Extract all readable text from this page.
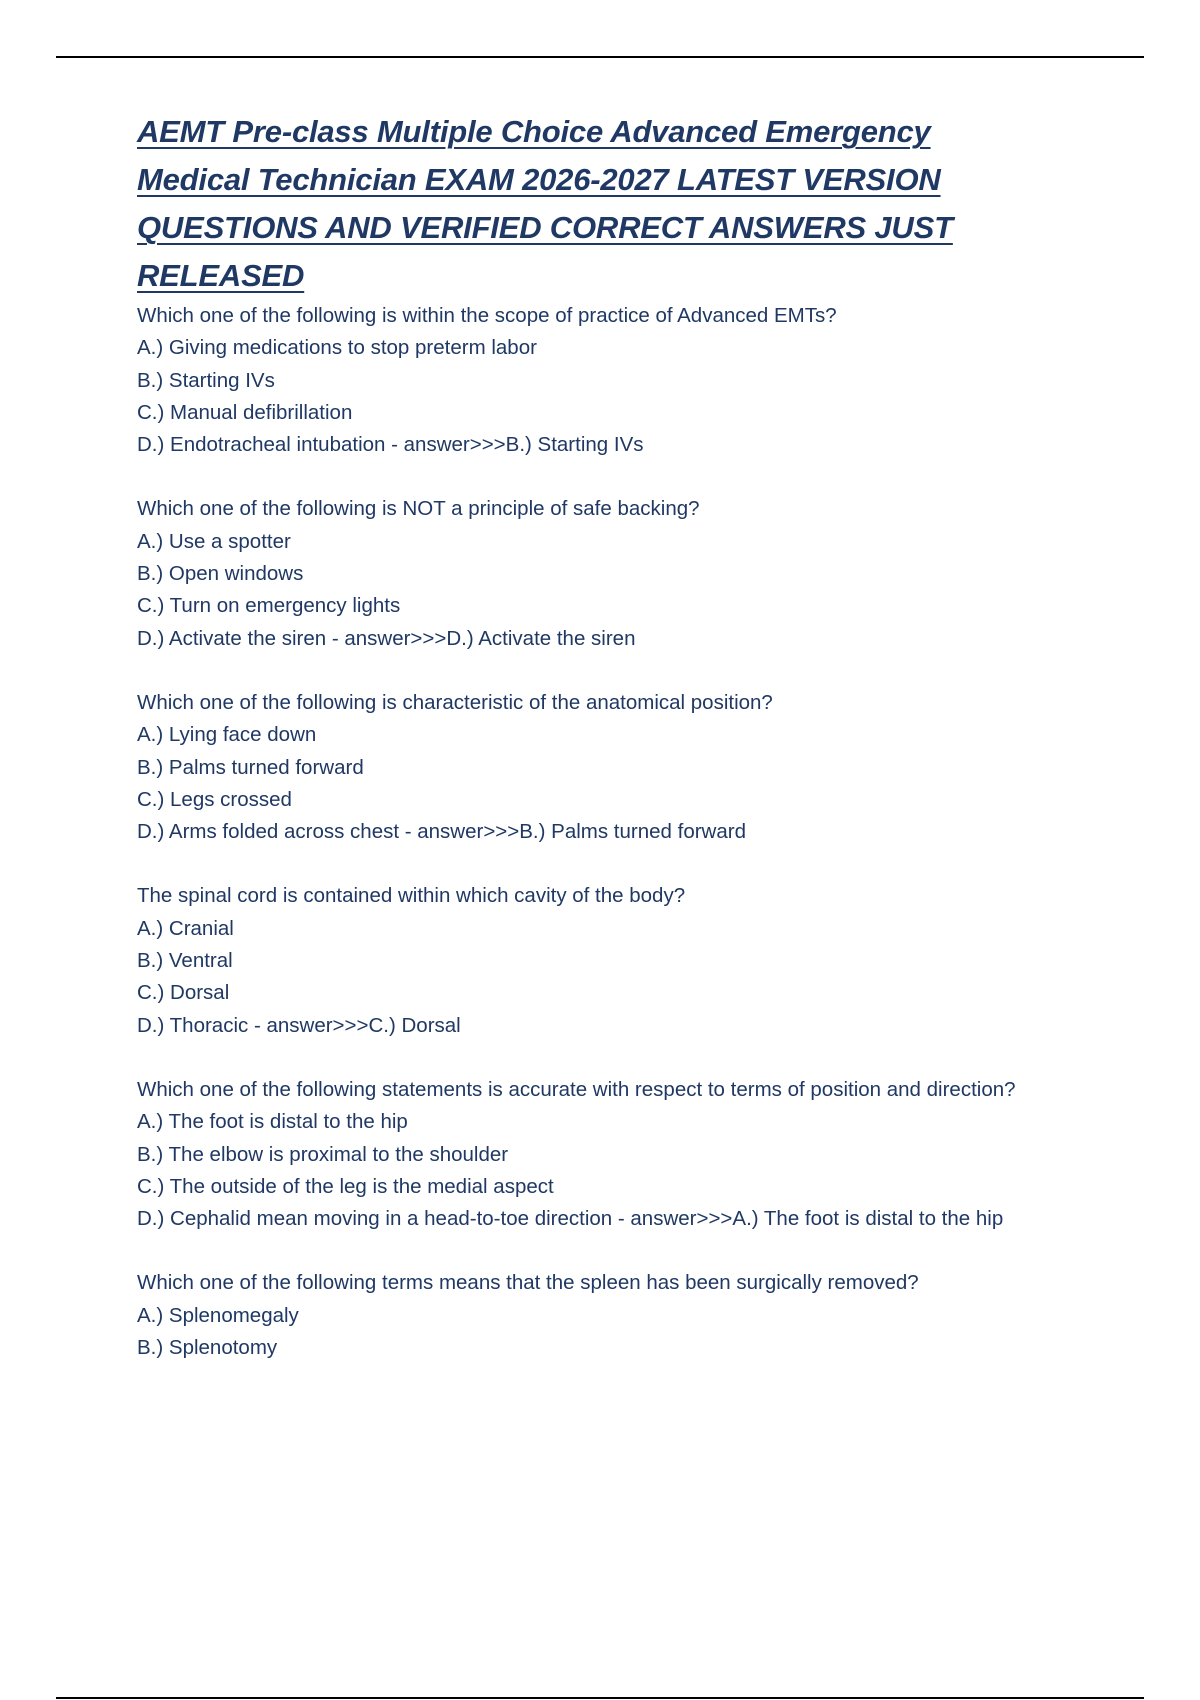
AEMT Pre-class Multiple Choice Advanced Emergency Medical Technician EXAM 2026-2027 LATEST VERSION QUESTIONS AND VERIFIED CORRECT ANSWERS JUST RELEASED

Which one of the following is within the scope of practice of Advanced EMTs?

A.) Giving medications to stop preterm labor

B.) Starting IVs

C.) Manual defibrillation

D.) Endotracheal intubation - answer>>>B.) Starting IVs

Which one of the following is NOT a principle of safe backing?

A.) Use a spotter

B.) Open windows

C.) Turn on emergency lights

D.) Activate the siren - answer>>>D.) Activate the siren

Which one of the following is characteristic of the anatomical position?

A.) Lying face down

B.) Palms turned forward

C.) Legs crossed

D.) Arms folded across chest - answer>>>B.) Palms turned forward

The spinal cord is contained within which cavity of the body?

A.) Cranial

B.) Ventral

C.) Dorsal

D.) Thoracic - answer>>>C.) Dorsal

Which one of the following statements is accurate with respect to terms of position and direction?

A.) The foot is distal to the hip

B.) The elbow is proximal to the shoulder

C.) The outside of the leg is the medial aspect

D.) Cephalid mean moving in a head-to-toe direction - answer>>>A.) The foot is distal to the hip

Which one of the following terms means that the spleen has been surgically removed?

A.) Splenomegaly

B.) Splenotomy
